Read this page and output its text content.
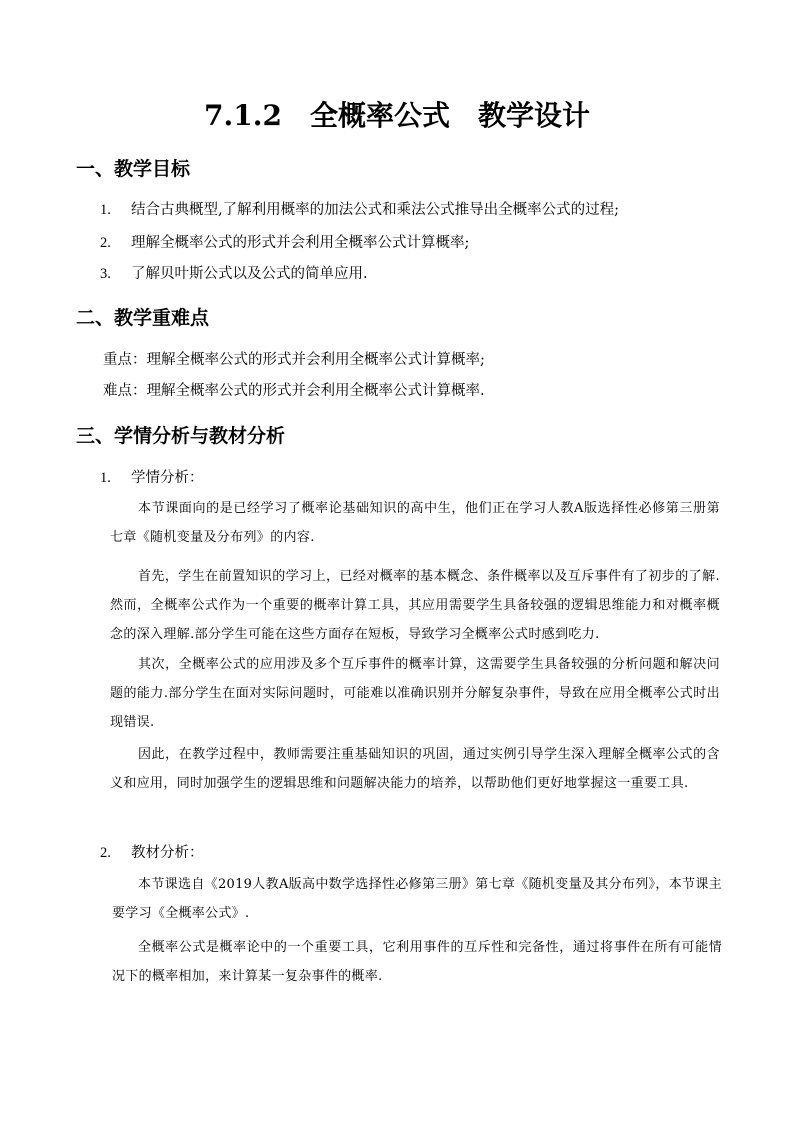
7.1.2　全概率公式　教学设计
一、教学目标
1. 结合古典概型,了解利用概率的加法公式和乘法公式推导出全概率公式的过程;
2. 理解全概率公式的形式并会利用全概率公式计算概率;
3. 了解贝叶斯公式以及公式的简单应用.
二、教学重难点
重点：理解全概率公式的形式并会利用全概率公式计算概率;
难点：理解全概率公式的形式并会利用全概率公式计算概率.
三、学情分析与教材分析
1. 学情分析：
本节课面向的是已经学习了概率论基础知识的高中生，他们正在学习人教A版选择性必修第三册第七章《随机变量及分布列》的内容.
首先，学生在前置知识的学习上，已经对概率的基本概念、条件概率以及互斥事件有了初步的了解.然而，全概率公式作为一个重要的概率计算工具，其应用需要学生具备较强的逻辑思维能力和对概率概念的深入理解.部分学生可能在这些方面存在短板，导致学习全概率公式时感到吃力.
其次，全概率公式的应用涉及多个互斥事件的概率计算，这需要学生具备较强的分析问题和解决问题的能力.部分学生在面对实际问题时，可能难以准确识别并分解复杂事件，导致在应用全概率公式时出现错误.
因此，在教学过程中，教师需要注重基础知识的巩固，通过实例引导学生深入理解全概率公式的含义和应用，同时加强学生的逻辑思维和问题解决能力的培养，以帮助他们更好地掌握这一重要工具.
2. 教材分析：
本节课选自《2019人教A版高中数学选择性必修第三册》第七章《随机变量及其分布列》，本节课主要学习《全概率公式》.
全概率公式是概率论中的一个重要工具，它利用事件的互斥性和完备性，通过将事件在所有可能情况下的概率相加，来计算某一复杂事件的概率.
